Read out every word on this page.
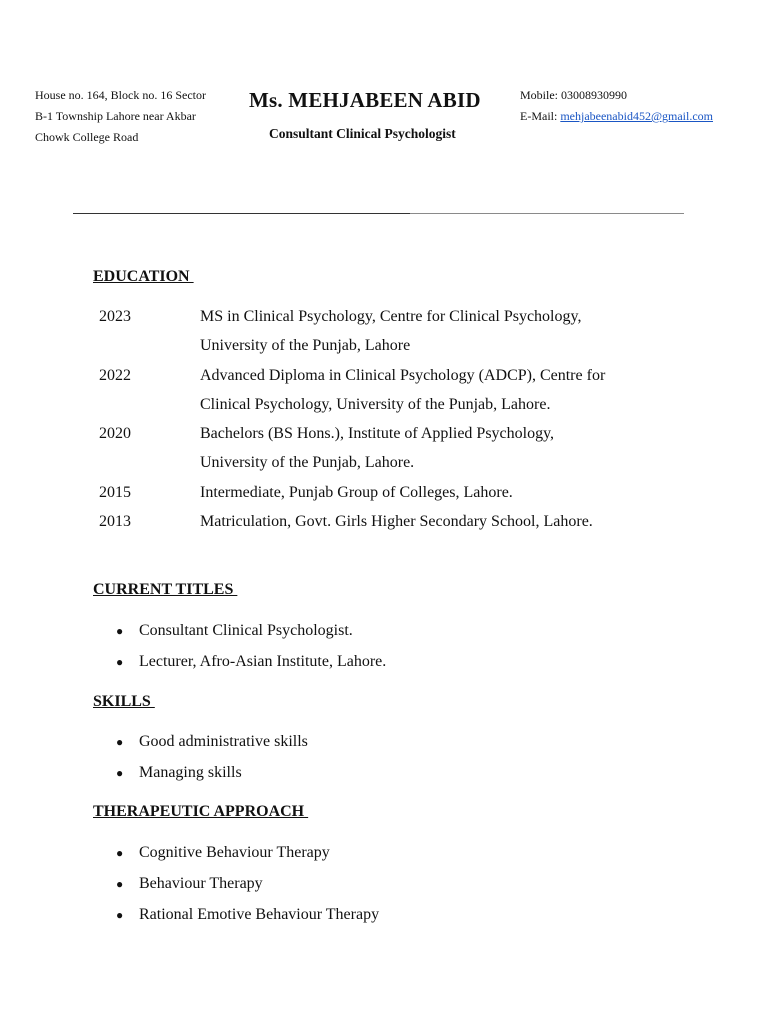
House no. 164, Block no. 16 Sector
B-1 Township Lahore near Akbar
Chowk College Road
Ms. MEHJABEEN ABID
Consultant Clinical Psychologist
Mobile: 03008930990
E-Mail: mehjabeenabid452@gmail.com
EDUCATION
2023	MS in Clinical Psychology, Centre for Clinical Psychology,
University of the Punjab, Lahore
2022	Advanced Diploma in Clinical Psychology (ADCP), Centre for
Clinical Psychology, University of the Punjab, Lahore.
2020	Bachelors (BS Hons.), Institute of Applied Psychology,
University of the Punjab, Lahore.
2015	Intermediate, Punjab Group of Colleges, Lahore.
2013	Matriculation, Govt. Girls Higher Secondary School, Lahore.
CURRENT TITLES
● Consultant Clinical Psychologist.
● Lecturer, Afro-Asian Institute, Lahore.
SKILLS
● Good administrative skills
● Managing skills
THERAPEUTIC APPROACH
● Cognitive Behaviour Therapy
● Behaviour Therapy
● Rational Emotive Behaviour Therapy
